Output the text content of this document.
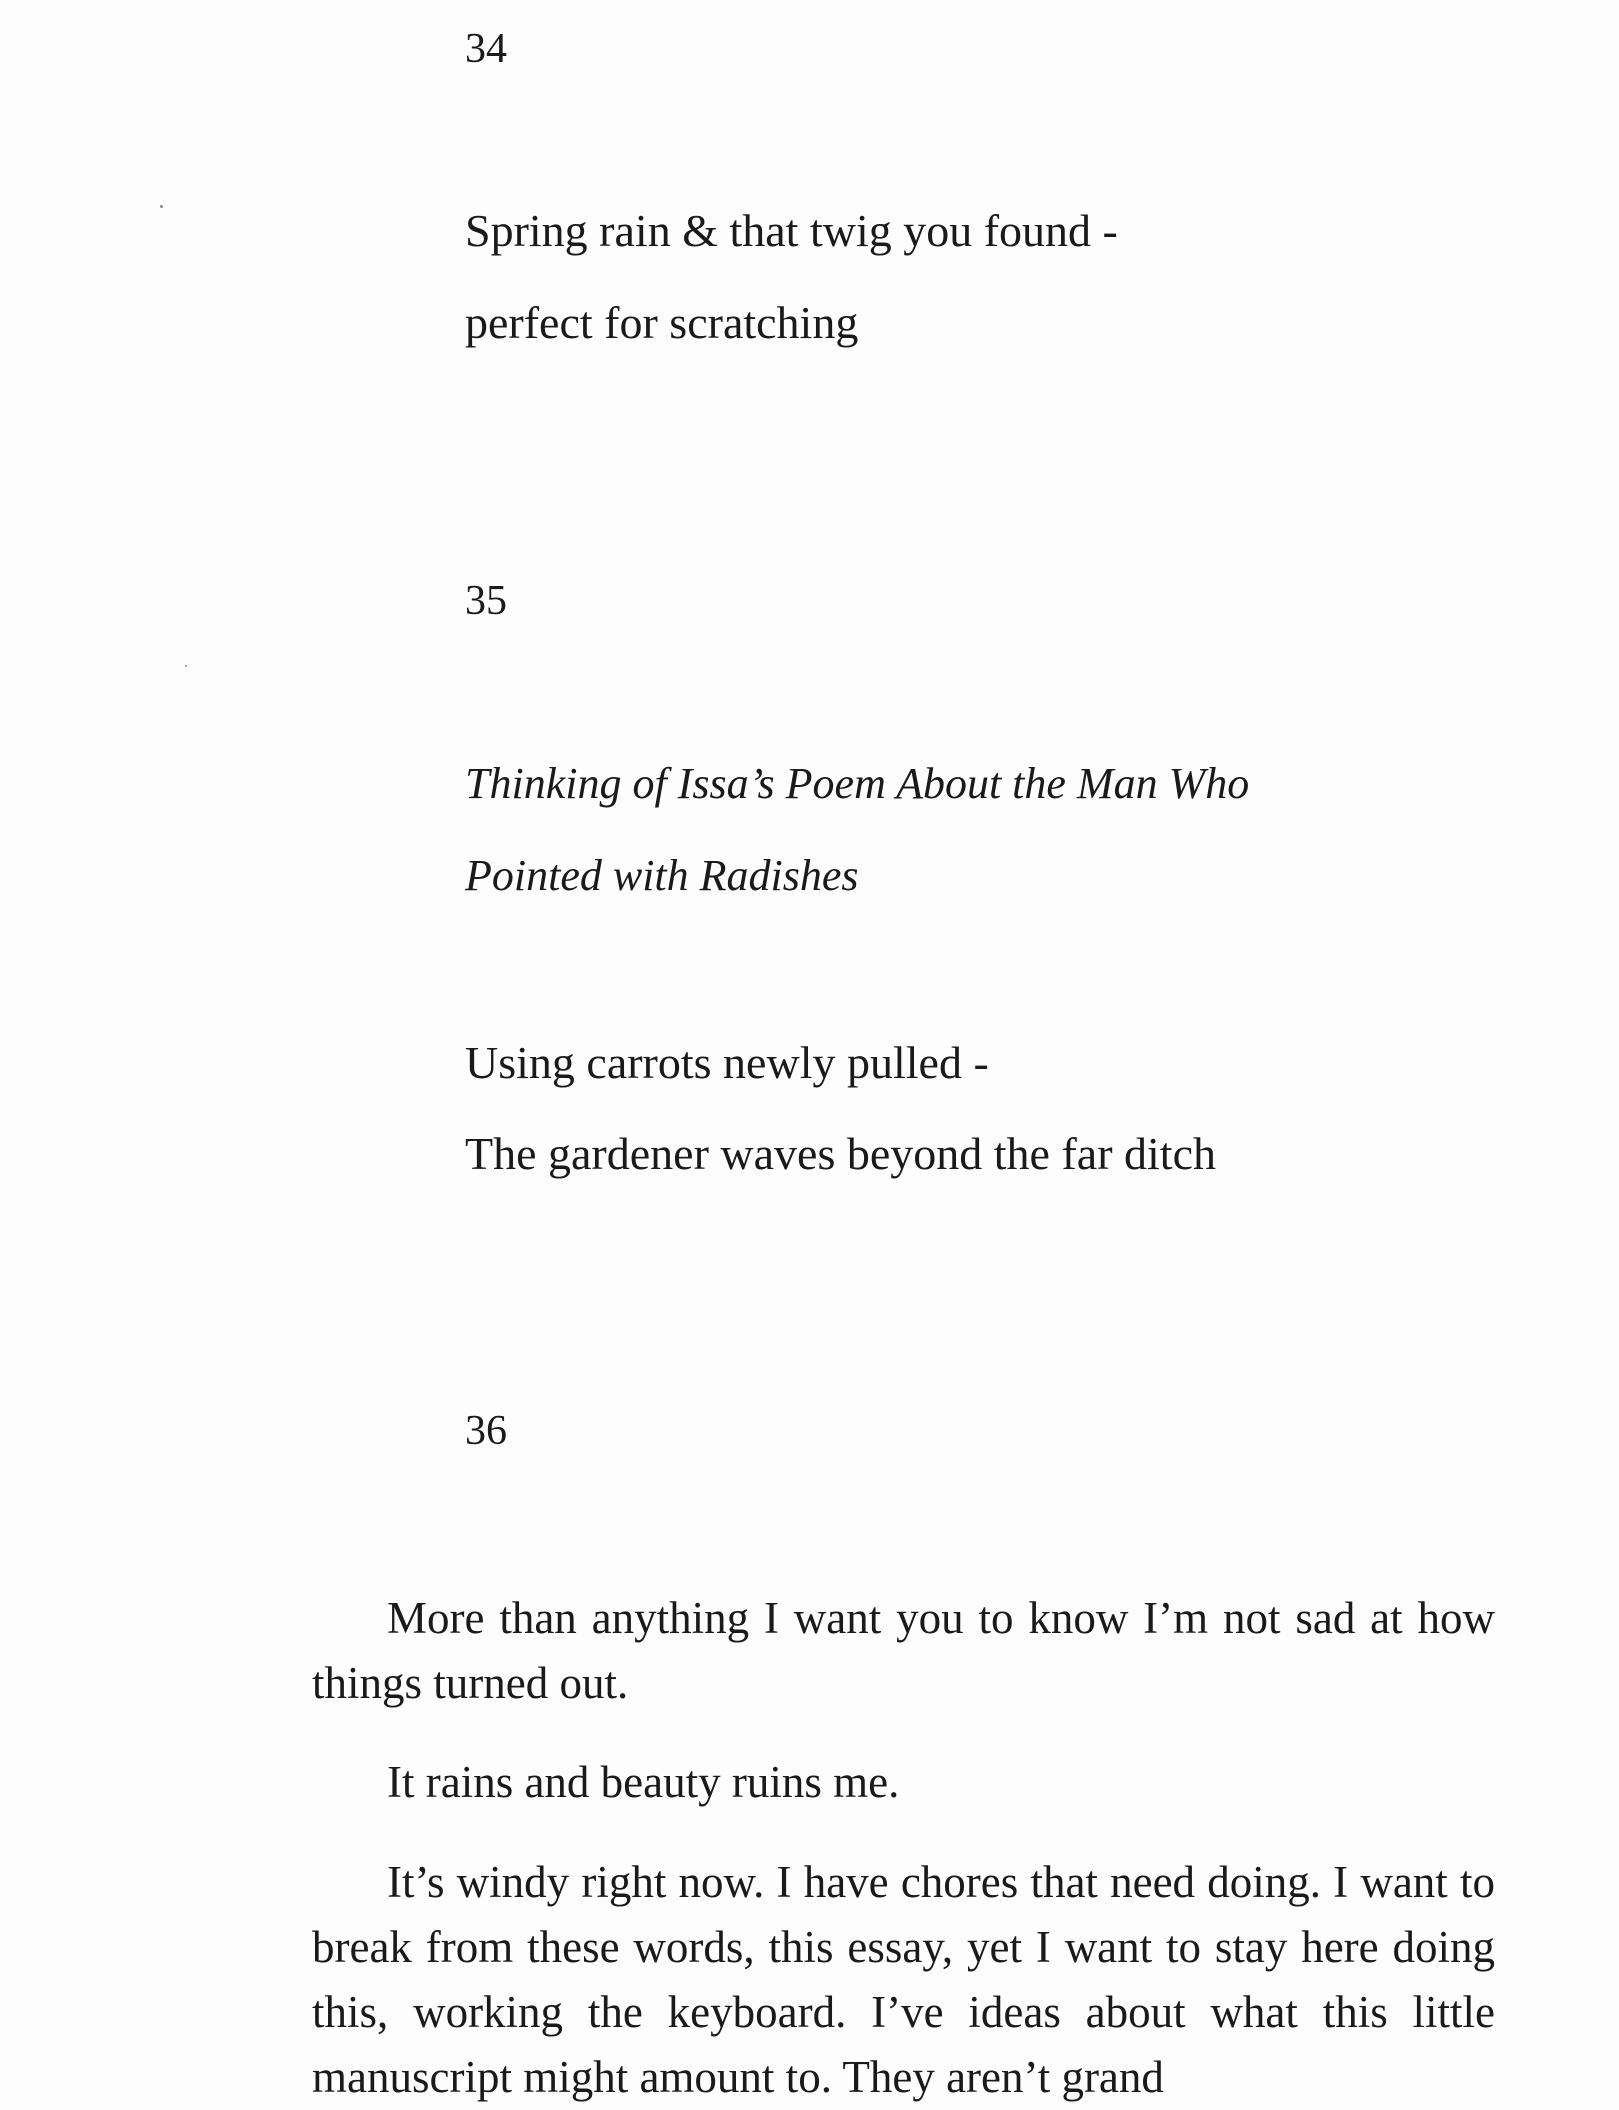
34

Spring rain & that twig you found -

perfect for scratching

35

Thinking of Issa’s Poem About the Man Who

Pointed with Radishes

Using carrots newly pulled -

The gardener waves beyond the far ditch

36

More than anything I want you to know I’m not sad at how things turned out.

It rains and beauty ruins me.

It’s windy right now. I have chores that need doing. I want to break from these words, this essay, yet I want to stay here doing this, working the keyboard. I’ve ideas about what this little manuscript might amount to. They aren’t grand
